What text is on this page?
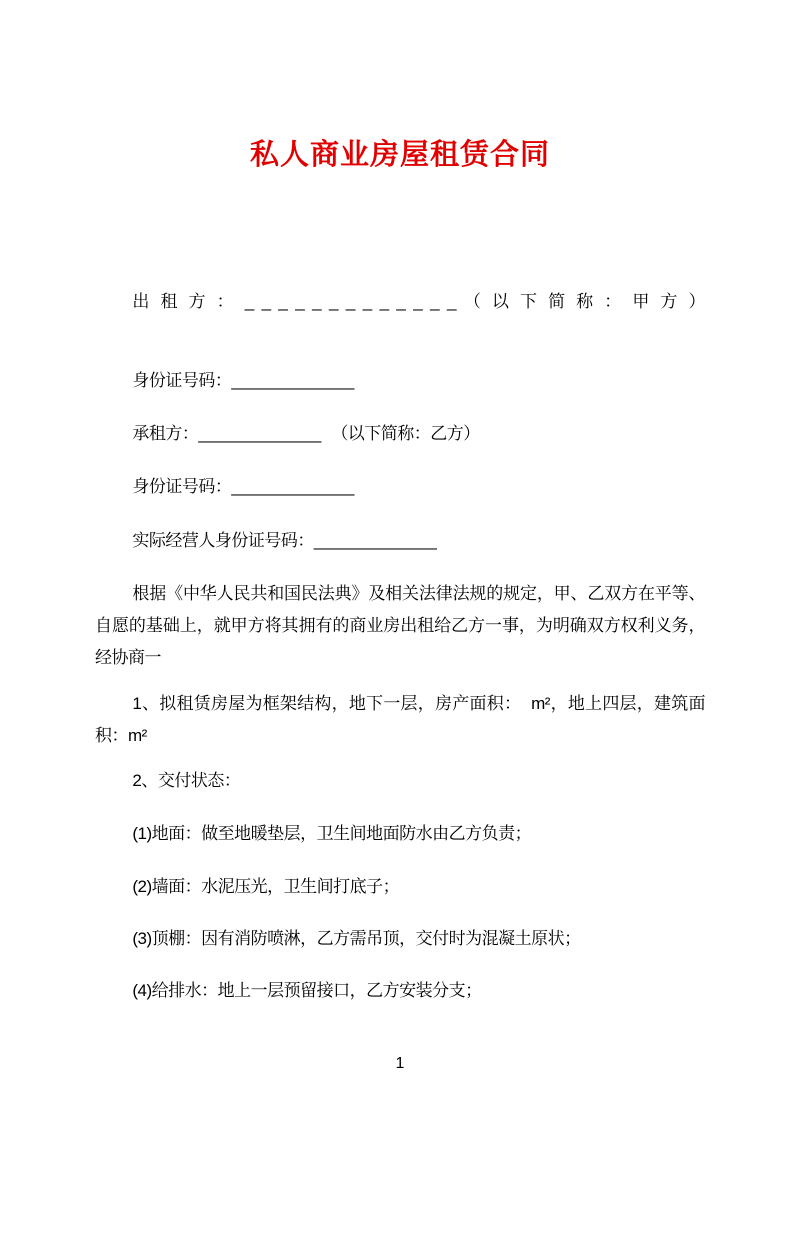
私人商业房屋租赁合同

出 租 方 ： _ _ _ _ _ _ _ _ _ _ _ _ _ （ 以 下 简 称 ： 甲 方 ）

身份证号码：_____________

承租方：_____________ （以下简称：乙方）

身份证号码：_____________

实际经营人身份证号码：_____________

根据《中华人民共和国民法典》及相关法律法规的规定，甲、乙双方在平等、自愿的基础上，就甲方将其拥有的商业房出租给乙方一事，为明确双方权利义务，经协商一

1、拟租赁房屋为框架结构，地下一层，房产面积：  m²，地上四层，建筑面积：m²

2、交付状态：

(1)地面：做至地暖垫层，卫生间地面防水由乙方负责；

(2)墙面：水泥压光，卫生间打底子；

(3)顶棚：因有消防喷淋，乙方需吊顶，交付时为混凝土原状；

(4)给排水：地上一层预留接口，乙方安装分支；

1
